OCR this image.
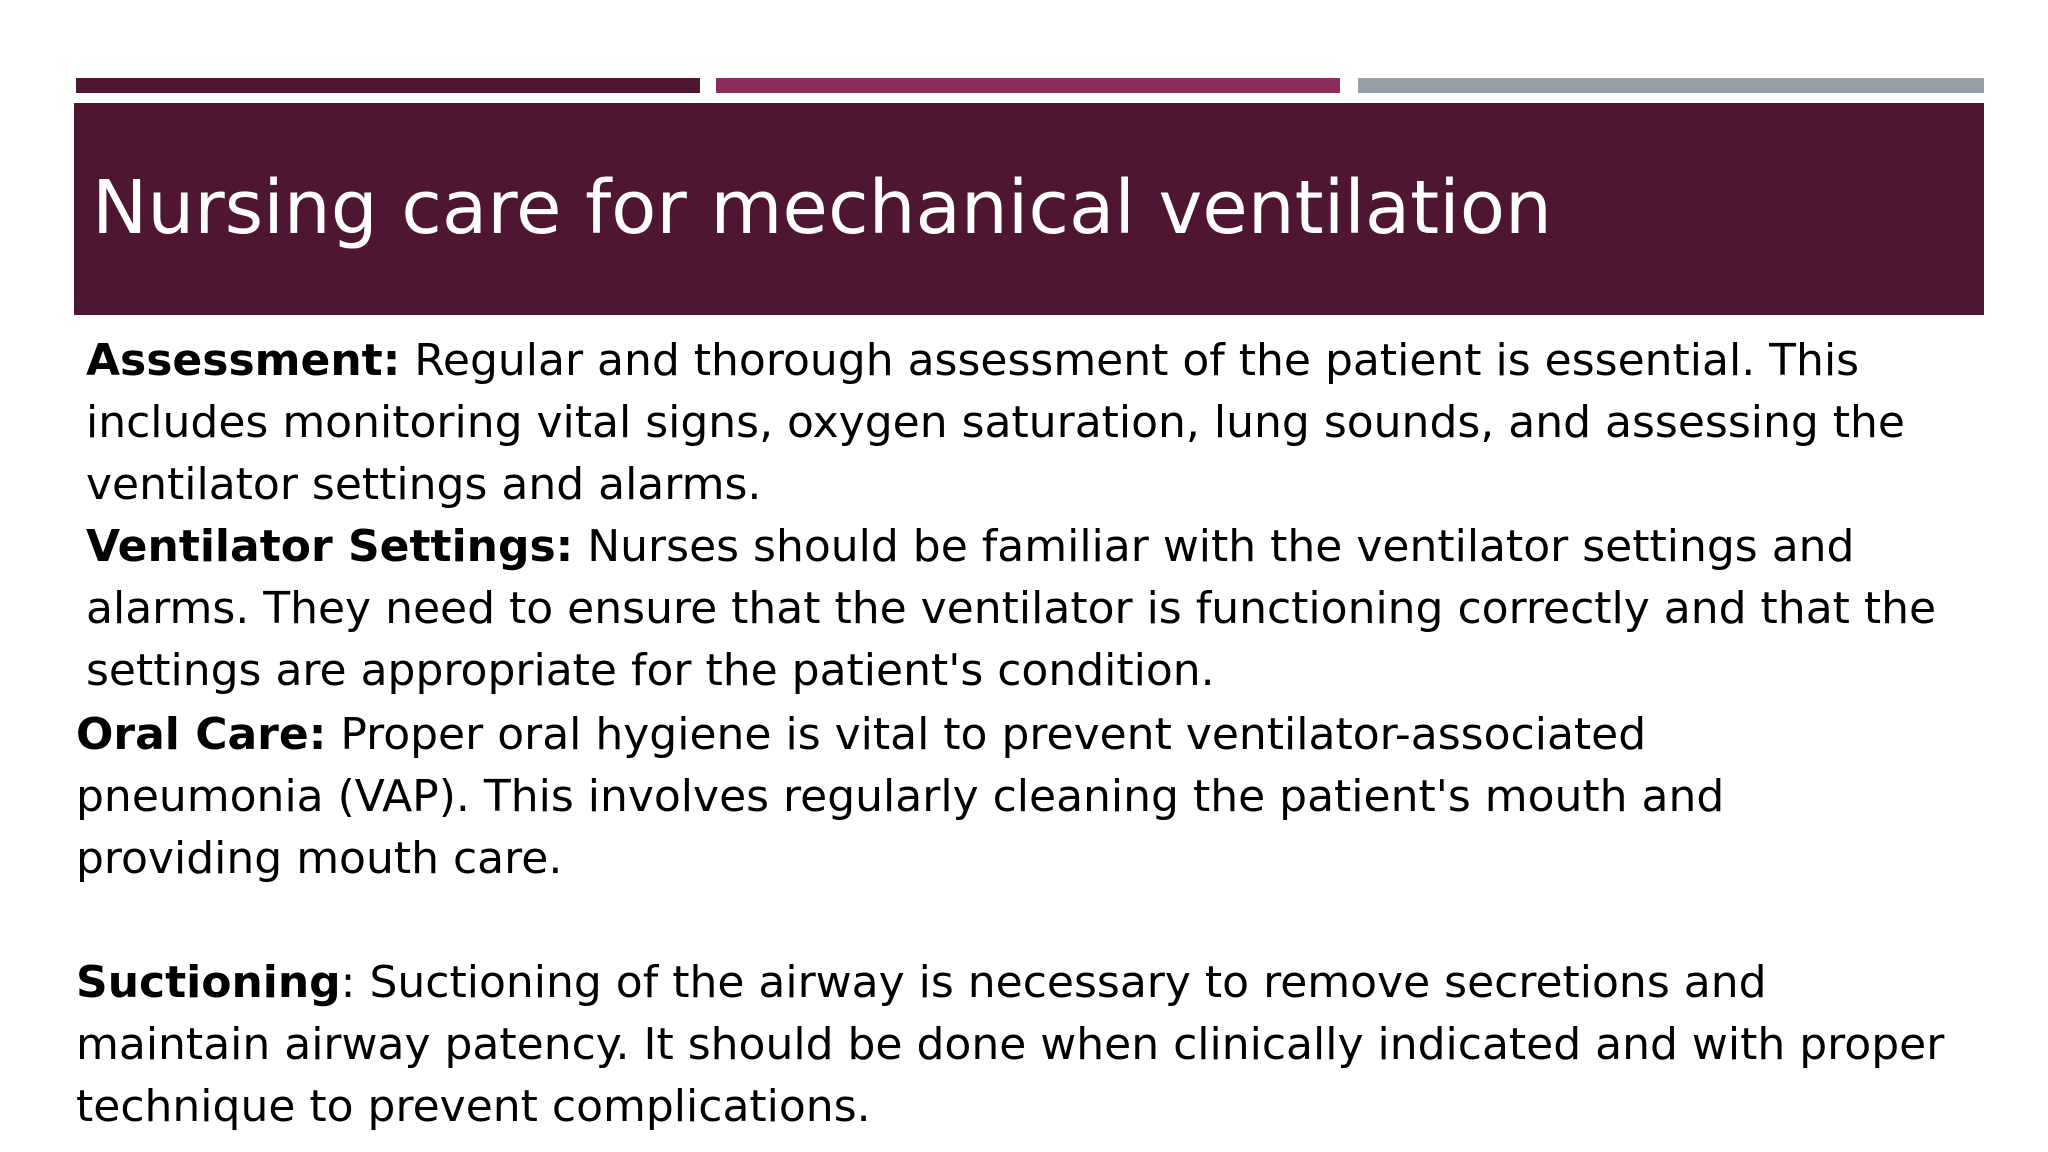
Nursing care for mechanical ventilation

Assessment: Regular and thorough assessment of the patient is essential. This includes monitoring vital signs, oxygen saturation, lung sounds, and assessing the ventilator settings and alarms.

Ventilator Settings: Nurses should be familiar with the ventilator settings and alarms. They need to ensure that the ventilator is functioning correctly and that the settings are appropriate for the patient's condition.

Oral Care: Proper oral hygiene is vital to prevent ventilator-associated pneumonia (VAP). This involves regularly cleaning the patient's mouth and providing mouth care.

Suctioning: Suctioning of the airway is necessary to remove secretions and maintain airway patency. It should be done when clinically indicated and with proper technique to prevent complications.
